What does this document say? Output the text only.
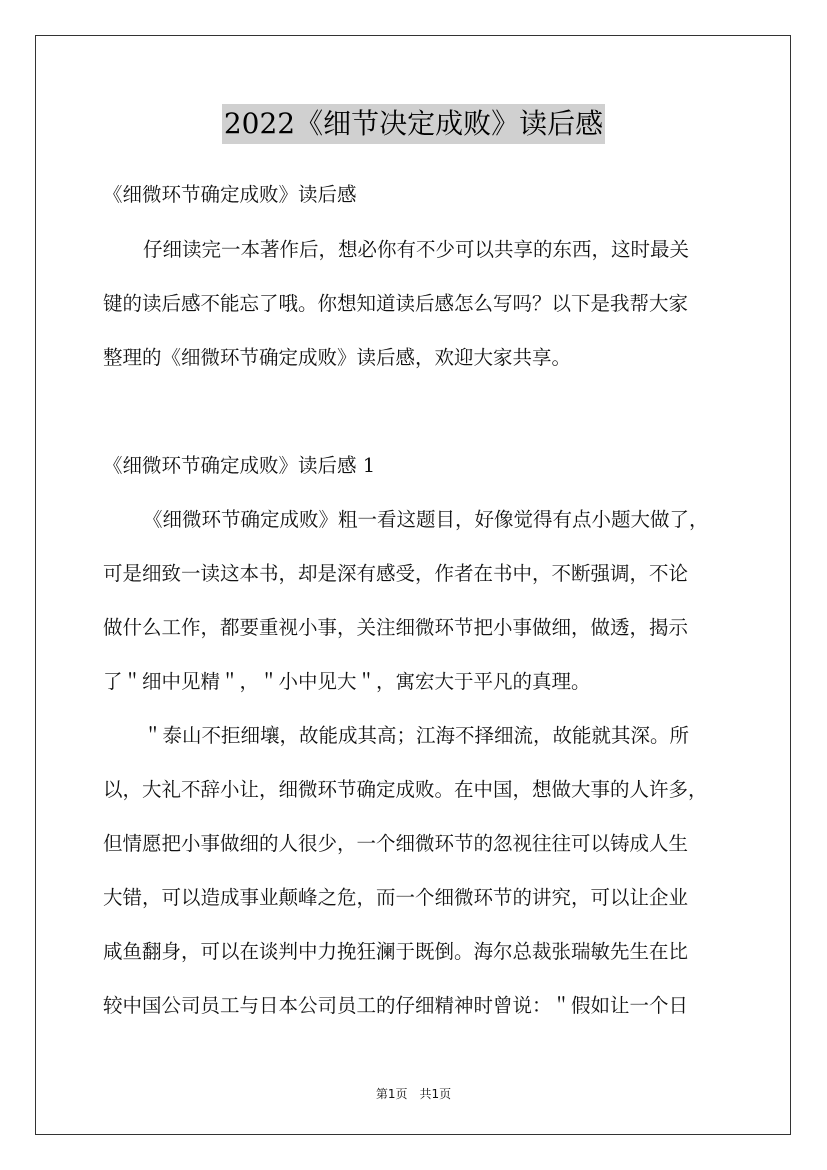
2022《细节决定成败》读后感
《细微环节确定成败》读后感
仔细读完一本著作后，想必你有不少可以共享的东西，这时最关
键的读后感不能忘了哦。你想知道读后感怎么写吗？以下是我帮大家
整理的《细微环节确定成败》读后感，欢迎大家共享。
《细微环节确定成败》读后感 1
《细微环节确定成败》粗一看这题目，好像觉得有点小题大做了，
可是细致一读这本书，却是深有感受，作者在书中，不断强调，不论
做什么工作，都要重视小事，关注细微环节把小事做细，做透，揭示
了＂细中见精＂，＂小中见大＂，寓宏大于平凡的真理。
＂泰山不拒细壤，故能成其高；江海不择细流，故能就其深。所
以，大礼不辞小让，细微环节确定成败。在中国，想做大事的人许多，
但情愿把小事做细的人很少，一个细微环节的忽视往往可以铸成人生
大错，可以造成事业颠峰之危，而一个细微环节的讲究，可以让企业
咸鱼翻身，可以在谈判中力挽狂澜于既倒。海尔总裁张瑞敏先生在比
较中国公司员工与日本公司员工的仔细精神时曾说：＂假如让一个日
第1页 共1页
